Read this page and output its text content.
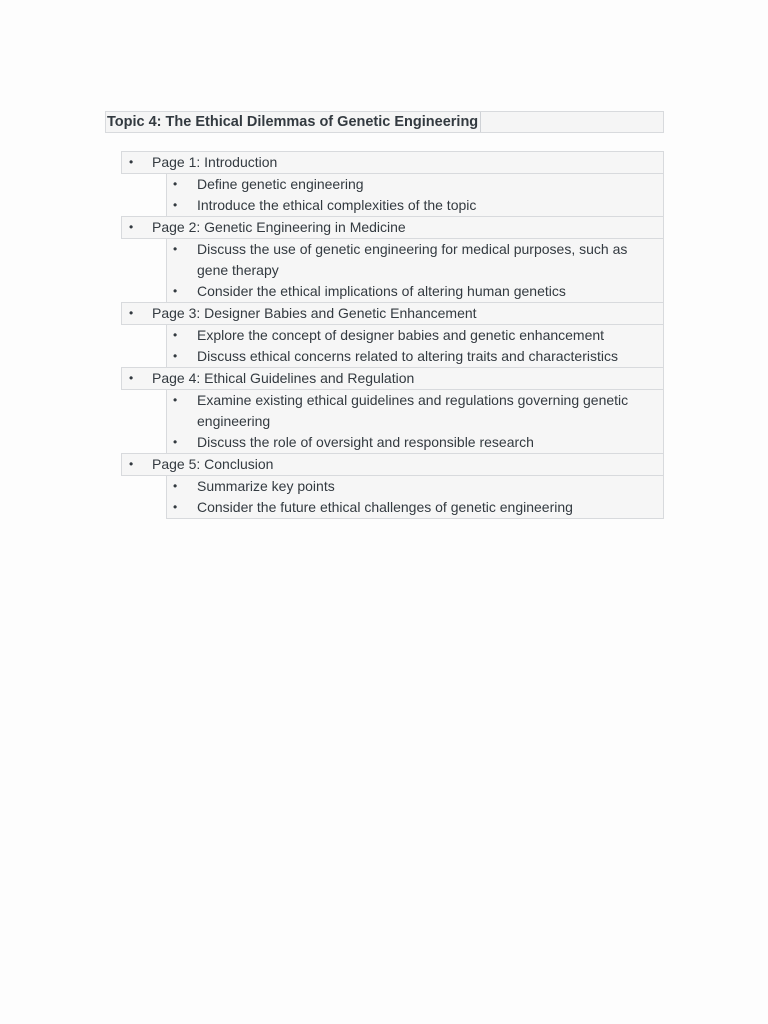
Topic 4: The Ethical Dilemmas of Genetic Engineering
• Page 1: Introduction
• Define genetic engineering
• Introduce the ethical complexities of the topic
• Page 2: Genetic Engineering in Medicine
• Discuss the use of genetic engineering for medical purposes, such as gene therapy
• Consider the ethical implications of altering human genetics
• Page 3: Designer Babies and Genetic Enhancement
• Explore the concept of designer babies and genetic enhancement
• Discuss ethical concerns related to altering traits and characteristics
• Page 4: Ethical Guidelines and Regulation
• Examine existing ethical guidelines and regulations governing genetic engineering
• Discuss the role of oversight and responsible research
• Page 5: Conclusion
• Summarize key points
• Consider the future ethical challenges of genetic engineering
